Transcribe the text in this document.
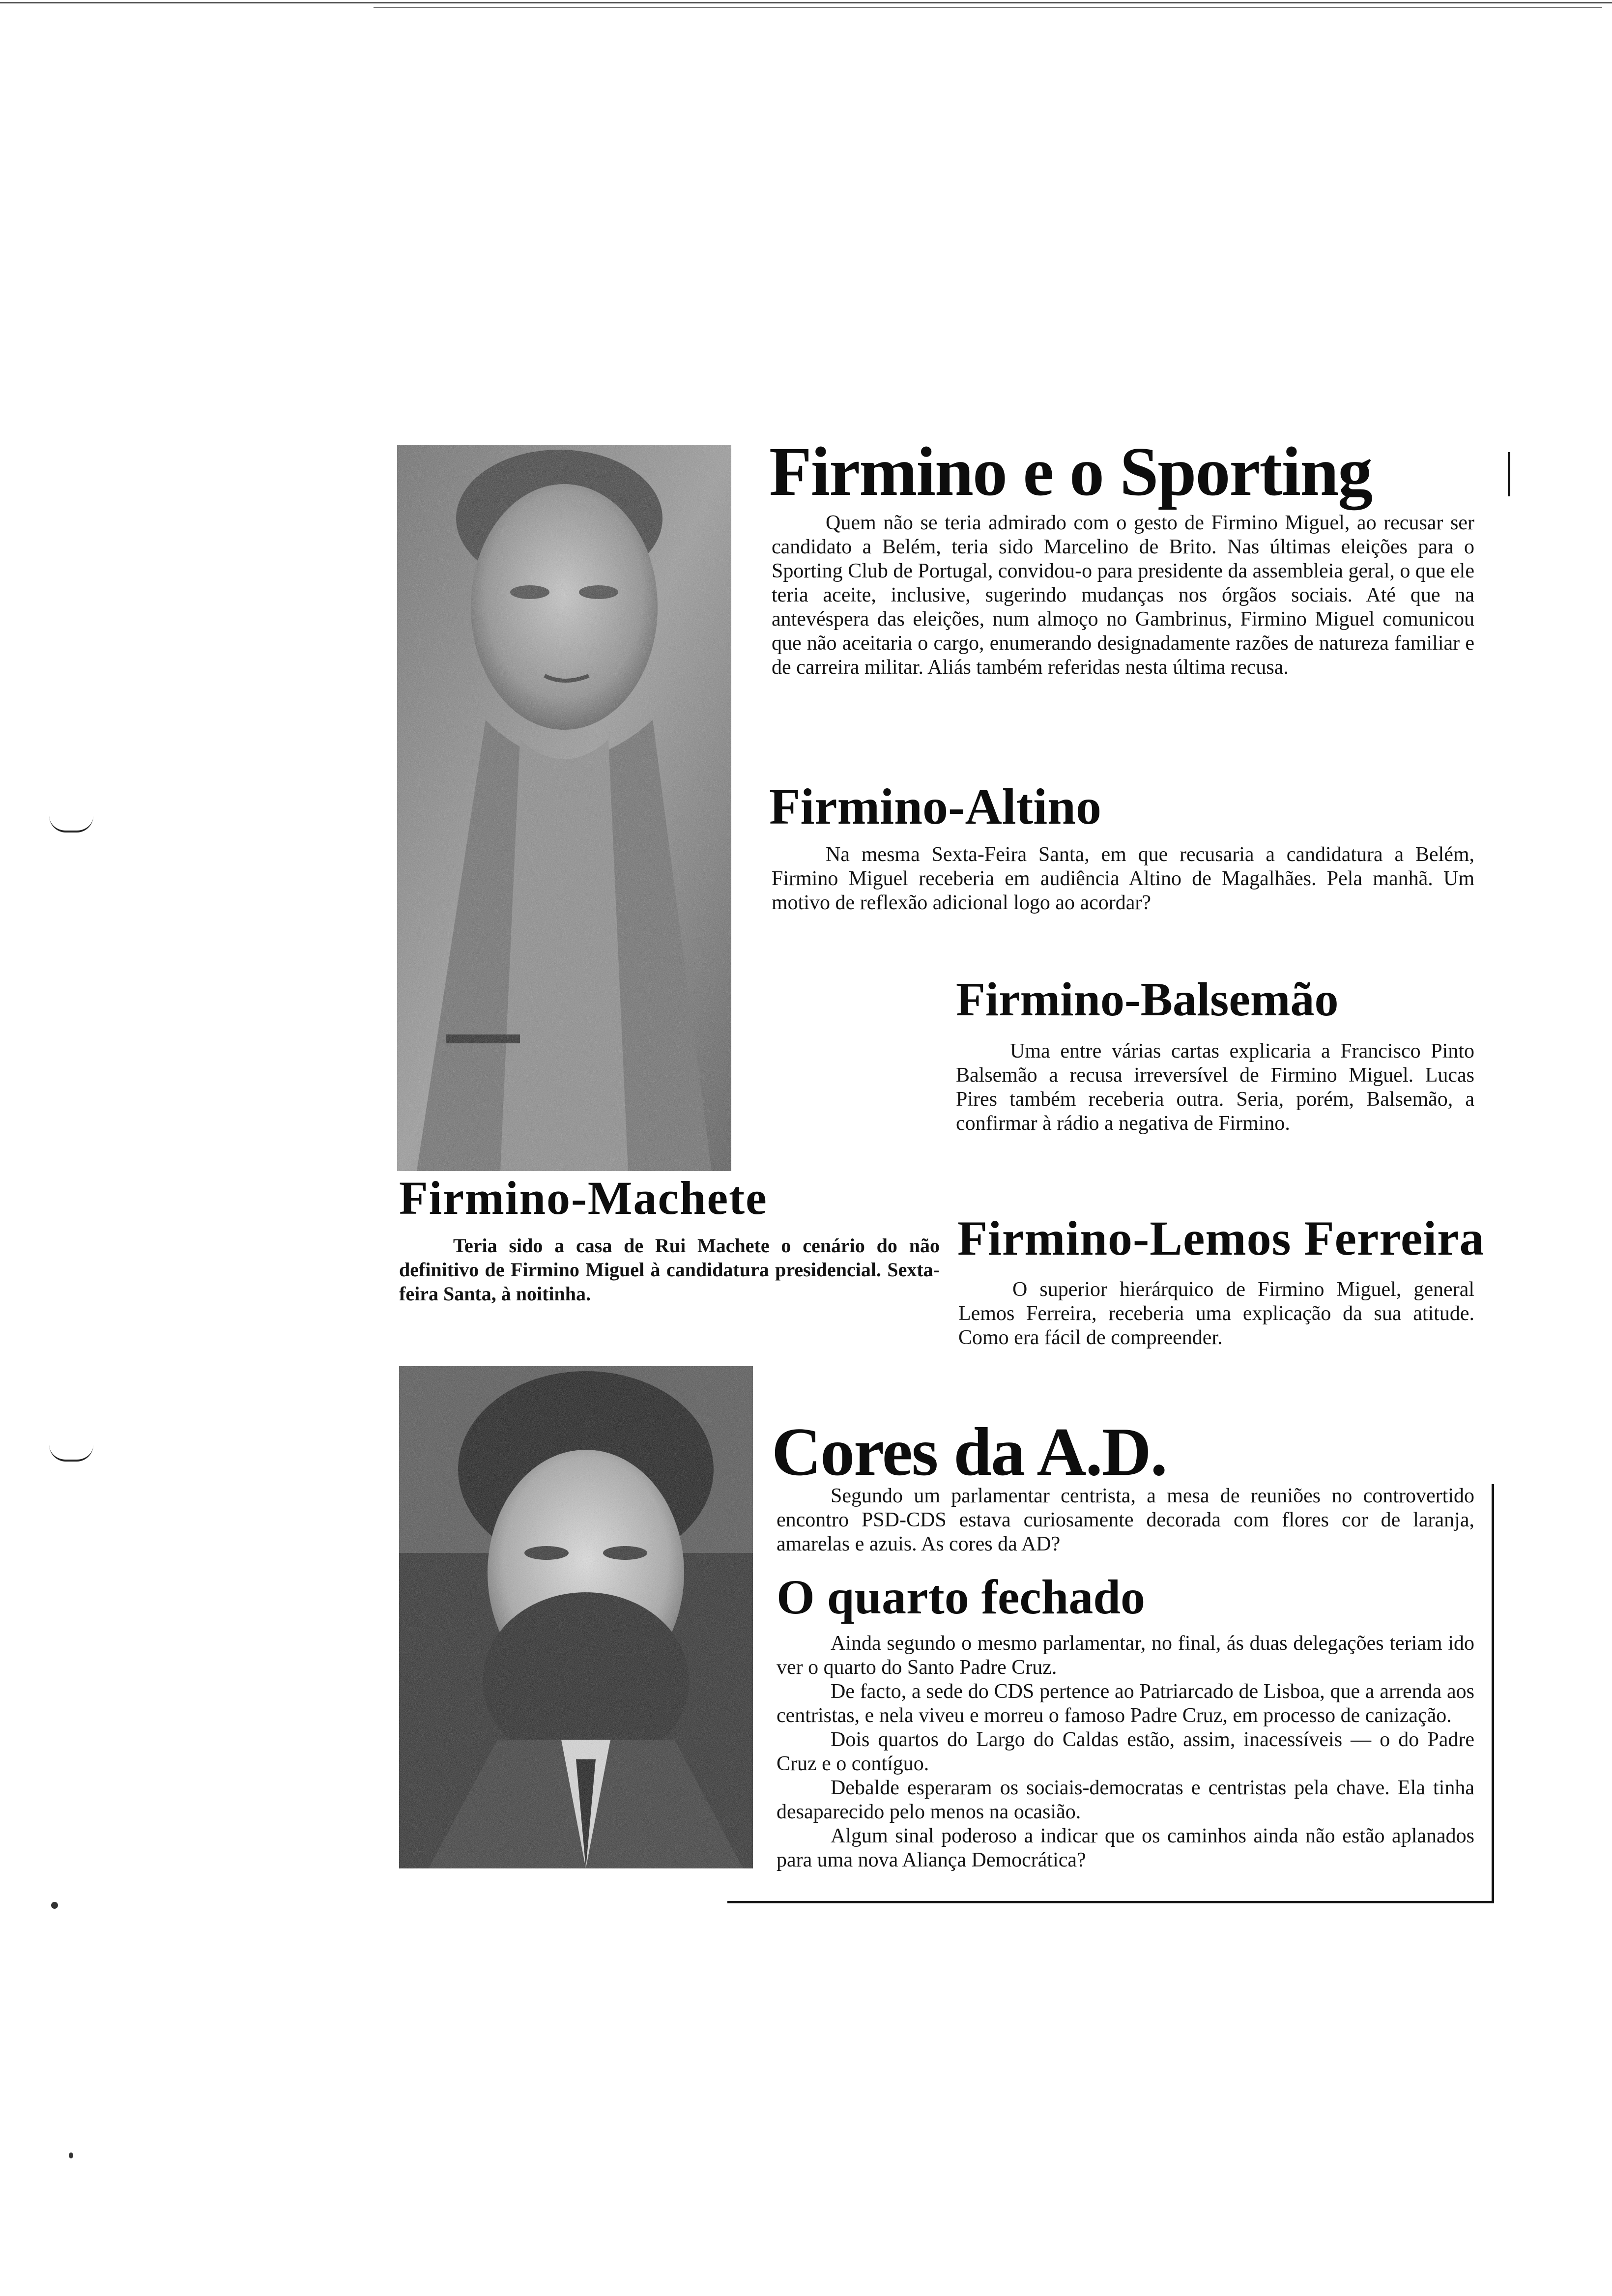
Firmino e o Sporting

Quem não se teria admirado com o gesto de Firmino Miguel, ao recusar ser candidato a Belém, teria sido Marcelino de Brito. Nas últimas eleições para o Sporting Club de Portugal, convidou-o para presidente da assembleia geral, o que ele teria aceite, inclusive, sugerindo mudanças nos órgãos sociais. Até que na antevéspera das eleições, num almoço no Gambrinus, Firmino Miguel comunicou que não aceitaria o cargo, enumerando designadamente razões de natureza familiar e de carreira militar. Aliás também referidas nesta última recusa.

Firmino-Altino

Na mesma Sexta-Feira Santa, em que recusaria a candidatura a Belém, Firmino Miguel receberia em audiência Altino de Magalhães. Pela manhã. Um motivo de reflexão adicional logo ao acordar?

Firmino-Balsemão

Uma entre várias cartas explicaria a Francisco Pinto Balsemão a recusa irreversível de Firmino Miguel. Lucas Pires também receberia outra. Seria, porém, Balsemão, a confirmar à rádio a negativa de Firmino.

Firmino-Machete

Teria sido a casa de Rui Machete o cenário do não definitivo de Firmino Miguel à candidatura presidencial. Sexta-feira Santa, à noitinha.

Firmino-Lemos Ferreira

O superior hierárquico de Firmino Miguel, general Lemos Ferreira, receberia uma explicação da sua atitude. Como era fácil de compreender.

Cores da A.D.

Segundo um parlamentar centrista, a mesa de reuniões no controvertido encontro PSD-CDS estava curiosamente decorada com flores cor de laranja, amarelas e azuis. As cores da AD?

O quarto fechado

Ainda segundo o mesmo parlamentar, no final, ás duas delegações teriam ido ver o quarto do Santo Padre Cruz.

De facto, a sede do CDS pertence ao Patriarcado de Lisboa, que a arrenda aos centristas, e nela viveu e morreu o famoso Padre Cruz, em processo de canização.

Dois quartos do Largo do Caldas estão, assim, inacessíveis — o do Padre Cruz e o contíguo.

Debalde esperaram os sociais-democratas e centristas pela chave. Ela tinha desaparecido pelo menos na ocasião.

Algum sinal poderoso a indicar que os caminhos ainda não estão aplanados para uma nova Aliança Democrática?
